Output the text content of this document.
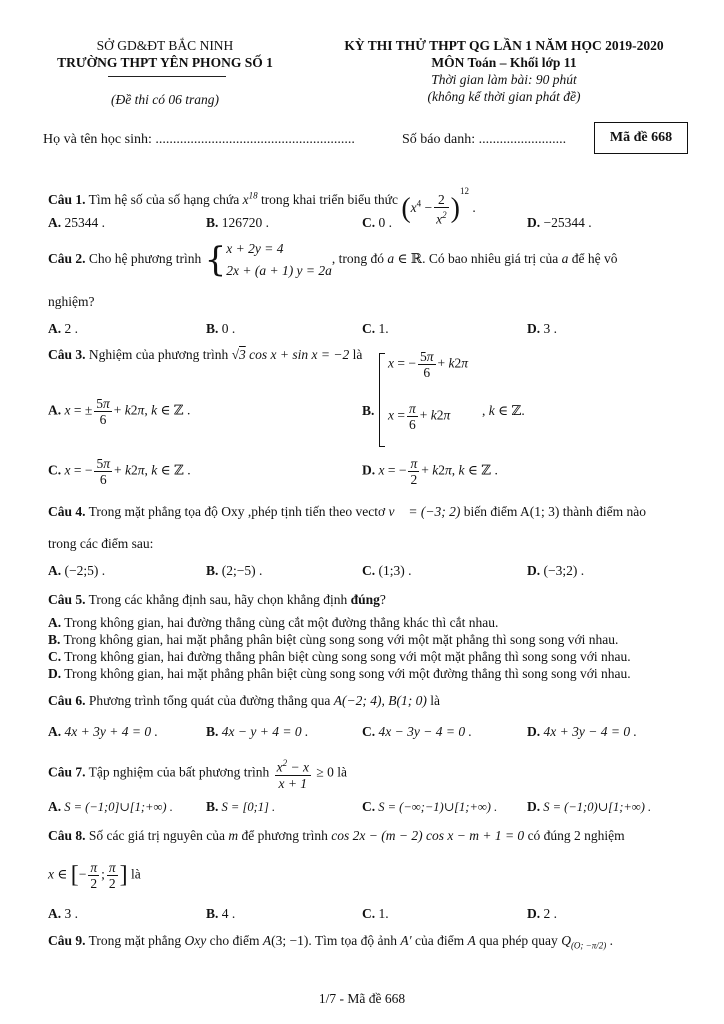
SỞ GD&ĐT BẮC NINH
TRƯỜNG THPT YÊN PHONG SỐ 1
(Đề thi có 06 trang)
KỲ THI THỬ THPT QG LẦN 1 NĂM HỌC 2019-2020
MÔN Toán – Khối lớp 11
Thời gian làm bài: 90 phút
(không kể thời gian phát đề)
Họ và tên học sinh: .........................................................	Số báo danh: .........................	Mã đề 668
Câu 1. Tìm hệ số của số hạng chứa $x^{18}$ trong khai triển biểu thức $(x^4 - \frac{2}{x^2} )^{12}$ .
A. 25344 .	B. 126720 .	C. 0 .	D. −25344 .
Câu 2. Cho hệ phương trình {x + 2y = 4
2x + (a + 1) y = 2a, trong đó a ∈ ℝ. Có bao nhiêu giá trị của a để hệ vô
nghiệm?
A. 2 .	B. 0 .	C. 1.	D. 3 .
Câu 3. Nghiệm của phương trình √3 cos x + sin x = −2 là
A. x = ± $\frac{5\pi}{6} + k2\pi$, k ∈ ℤ .	B.
x = − $\frac{5\pi}{6} + k2\pi$
$x = \frac{\pi}{6} + k2\pi$ , k ∈ ℤ.
C. x = − $\frac{5\pi}{6} + k2\pi$, k ∈ ℤ .	D. x = − $\frac{\pi}{2} + k2\pi$, k ∈ ℤ .
Câu 4. Trong mặt phẳng tọa độ Oxy ,phép tịnh tiến theo vectơ v⃗ = (−3; 2) biến điểm A(1; 3) thành điểm nào
trong các điểm sau:
A. (−2;5) .	B. (2;−5) .	C. (1;3) .	D. (−3;2) .
Câu 5. Trong các khẳng định sau, hãy chọn khẳng định đúng?
A. Trong không gian, hai đường thẳng cùng cắt một đường thẳng khác thì cắt nhau.
B. Trong không gian, hai mặt phẳng phân biệt cùng song song với một mặt phẳng thì song song với nhau.
C. Trong không gian, hai đường thẳng phân biệt cùng song song với một mặt phẳng thì song song với nhau.
D. Trong không gian, hai mặt phẳng phân biệt cùng song song với một đường thẳng thì song song với nhau.
Câu 6. Phương trình tổng quát của đường thẳng qua A(−2; 4), B(1; 0) là
A. 4x + 3y + 4 = 0 .	B. 4x − y + 4 = 0 .	C. 4x − 3y − 4 = 0 .	D. 4x + 3y − 4 = 0 .
Câu 7. Tập nghiệm của bất phương trình $\frac{x^2 - x}{x + 1} \ge 0$ là
A. S = (−1;0]∪[1;+∞) . B. S = [0;1] .	C. S = (−∞;−1)∪[1;+∞) . D. S = (−1;0)∪[1;+∞) .
Câu 8. Số các giá trị nguyên của m để phương trình cos 2x − (m − 2) cos x − m + 1 = 0 có đúng 2 nghiệm
x ∈ [− $\frac{\pi}{2}$ ; $\frac{\pi}{2}$ ] là
A. 3 .	B. 4 .	C. 1.	D. 2 .
Câu 9. Trong mặt phẳng Oxy cho điểm A(3; −1). Tìm tọa độ ảnh A′ của điểm A qua phép quay $Q_{(O; -\pi/2)}$ .
1/7 - Mã đề 668
